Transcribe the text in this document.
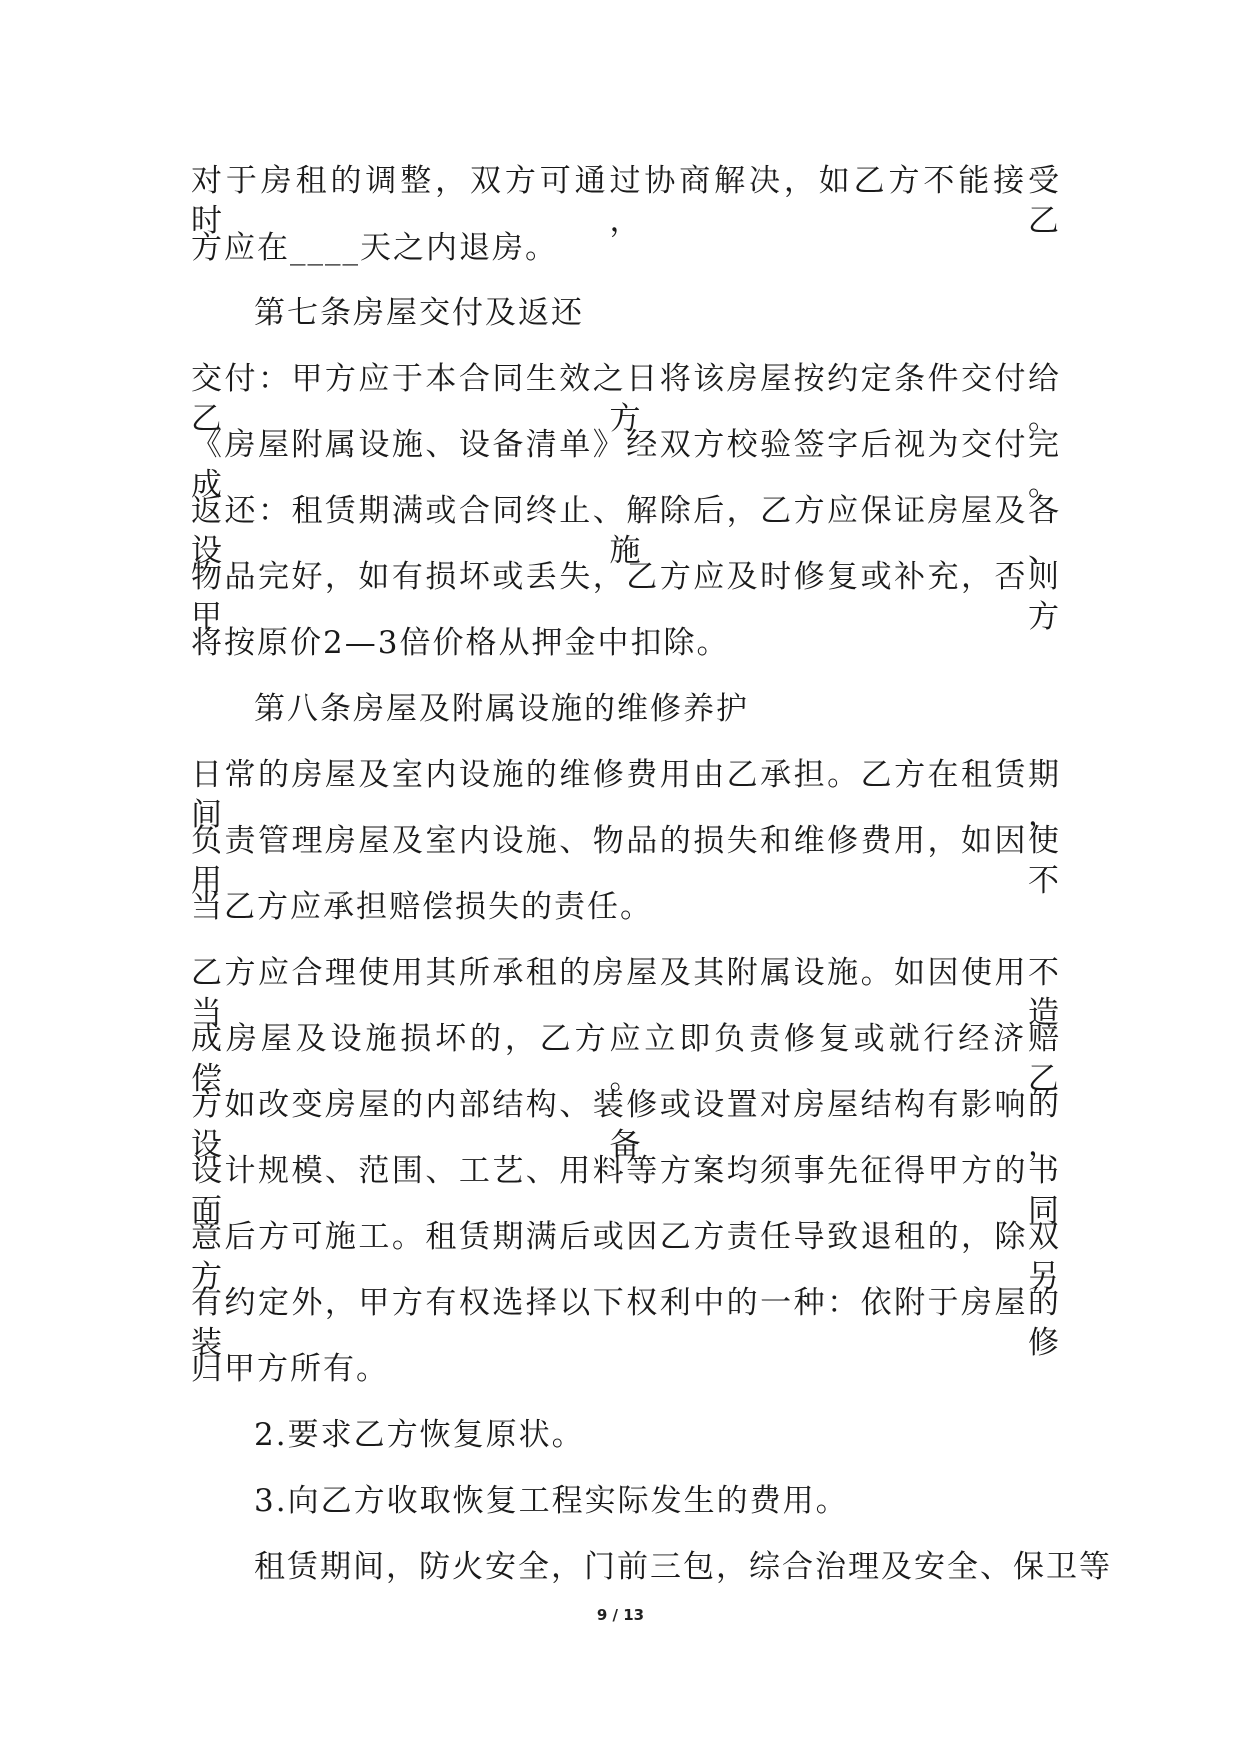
对于房租的调整，双方可通过协商解决，如乙方不能接受时，乙
方应在____天之内退房。
第七条房屋交付及返还
交付：甲方应于本合同生效之日将该房屋按约定条件交付给乙方。
《房屋附属设施、设备清单》经双方校验签字后视为交付完成。
返还：租赁期满或合同终止、解除后，乙方应保证房屋及各设施、
物品完好，如有损坏或丢失，乙方应及时修复或补充，否则甲方
将按原价2—3倍价格从押金中扣除。
第八条房屋及附属设施的维修养护
日常的房屋及室内设施的维修费用由乙承担。乙方在租赁期间，
负责管理房屋及室内设施、物品的损失和维修费用，如因使用不
当乙方应承担赔偿损失的责任。
乙方应合理使用其所承租的房屋及其附属设施。如因使用不当造
成房屋及设施损坏的，乙方应立即负责修复或就行经济赔偿。乙
方如改变房屋的内部结构、装修或设置对房屋结构有影响的设备，
设计规模、范围、工艺、用料等方案均须事先征得甲方的书面同
意后方可施工。租赁期满后或因乙方责任导致退租的，除双方另
有约定外，甲方有权选择以下权利中的一种：依附于房屋的装修
归甲方所有。
2.要求乙方恢复原状。
3.向乙方收取恢复工程实际发生的费用。
租赁期间，防火安全，门前三包，综合治理及安全、保卫等
9 / 13
